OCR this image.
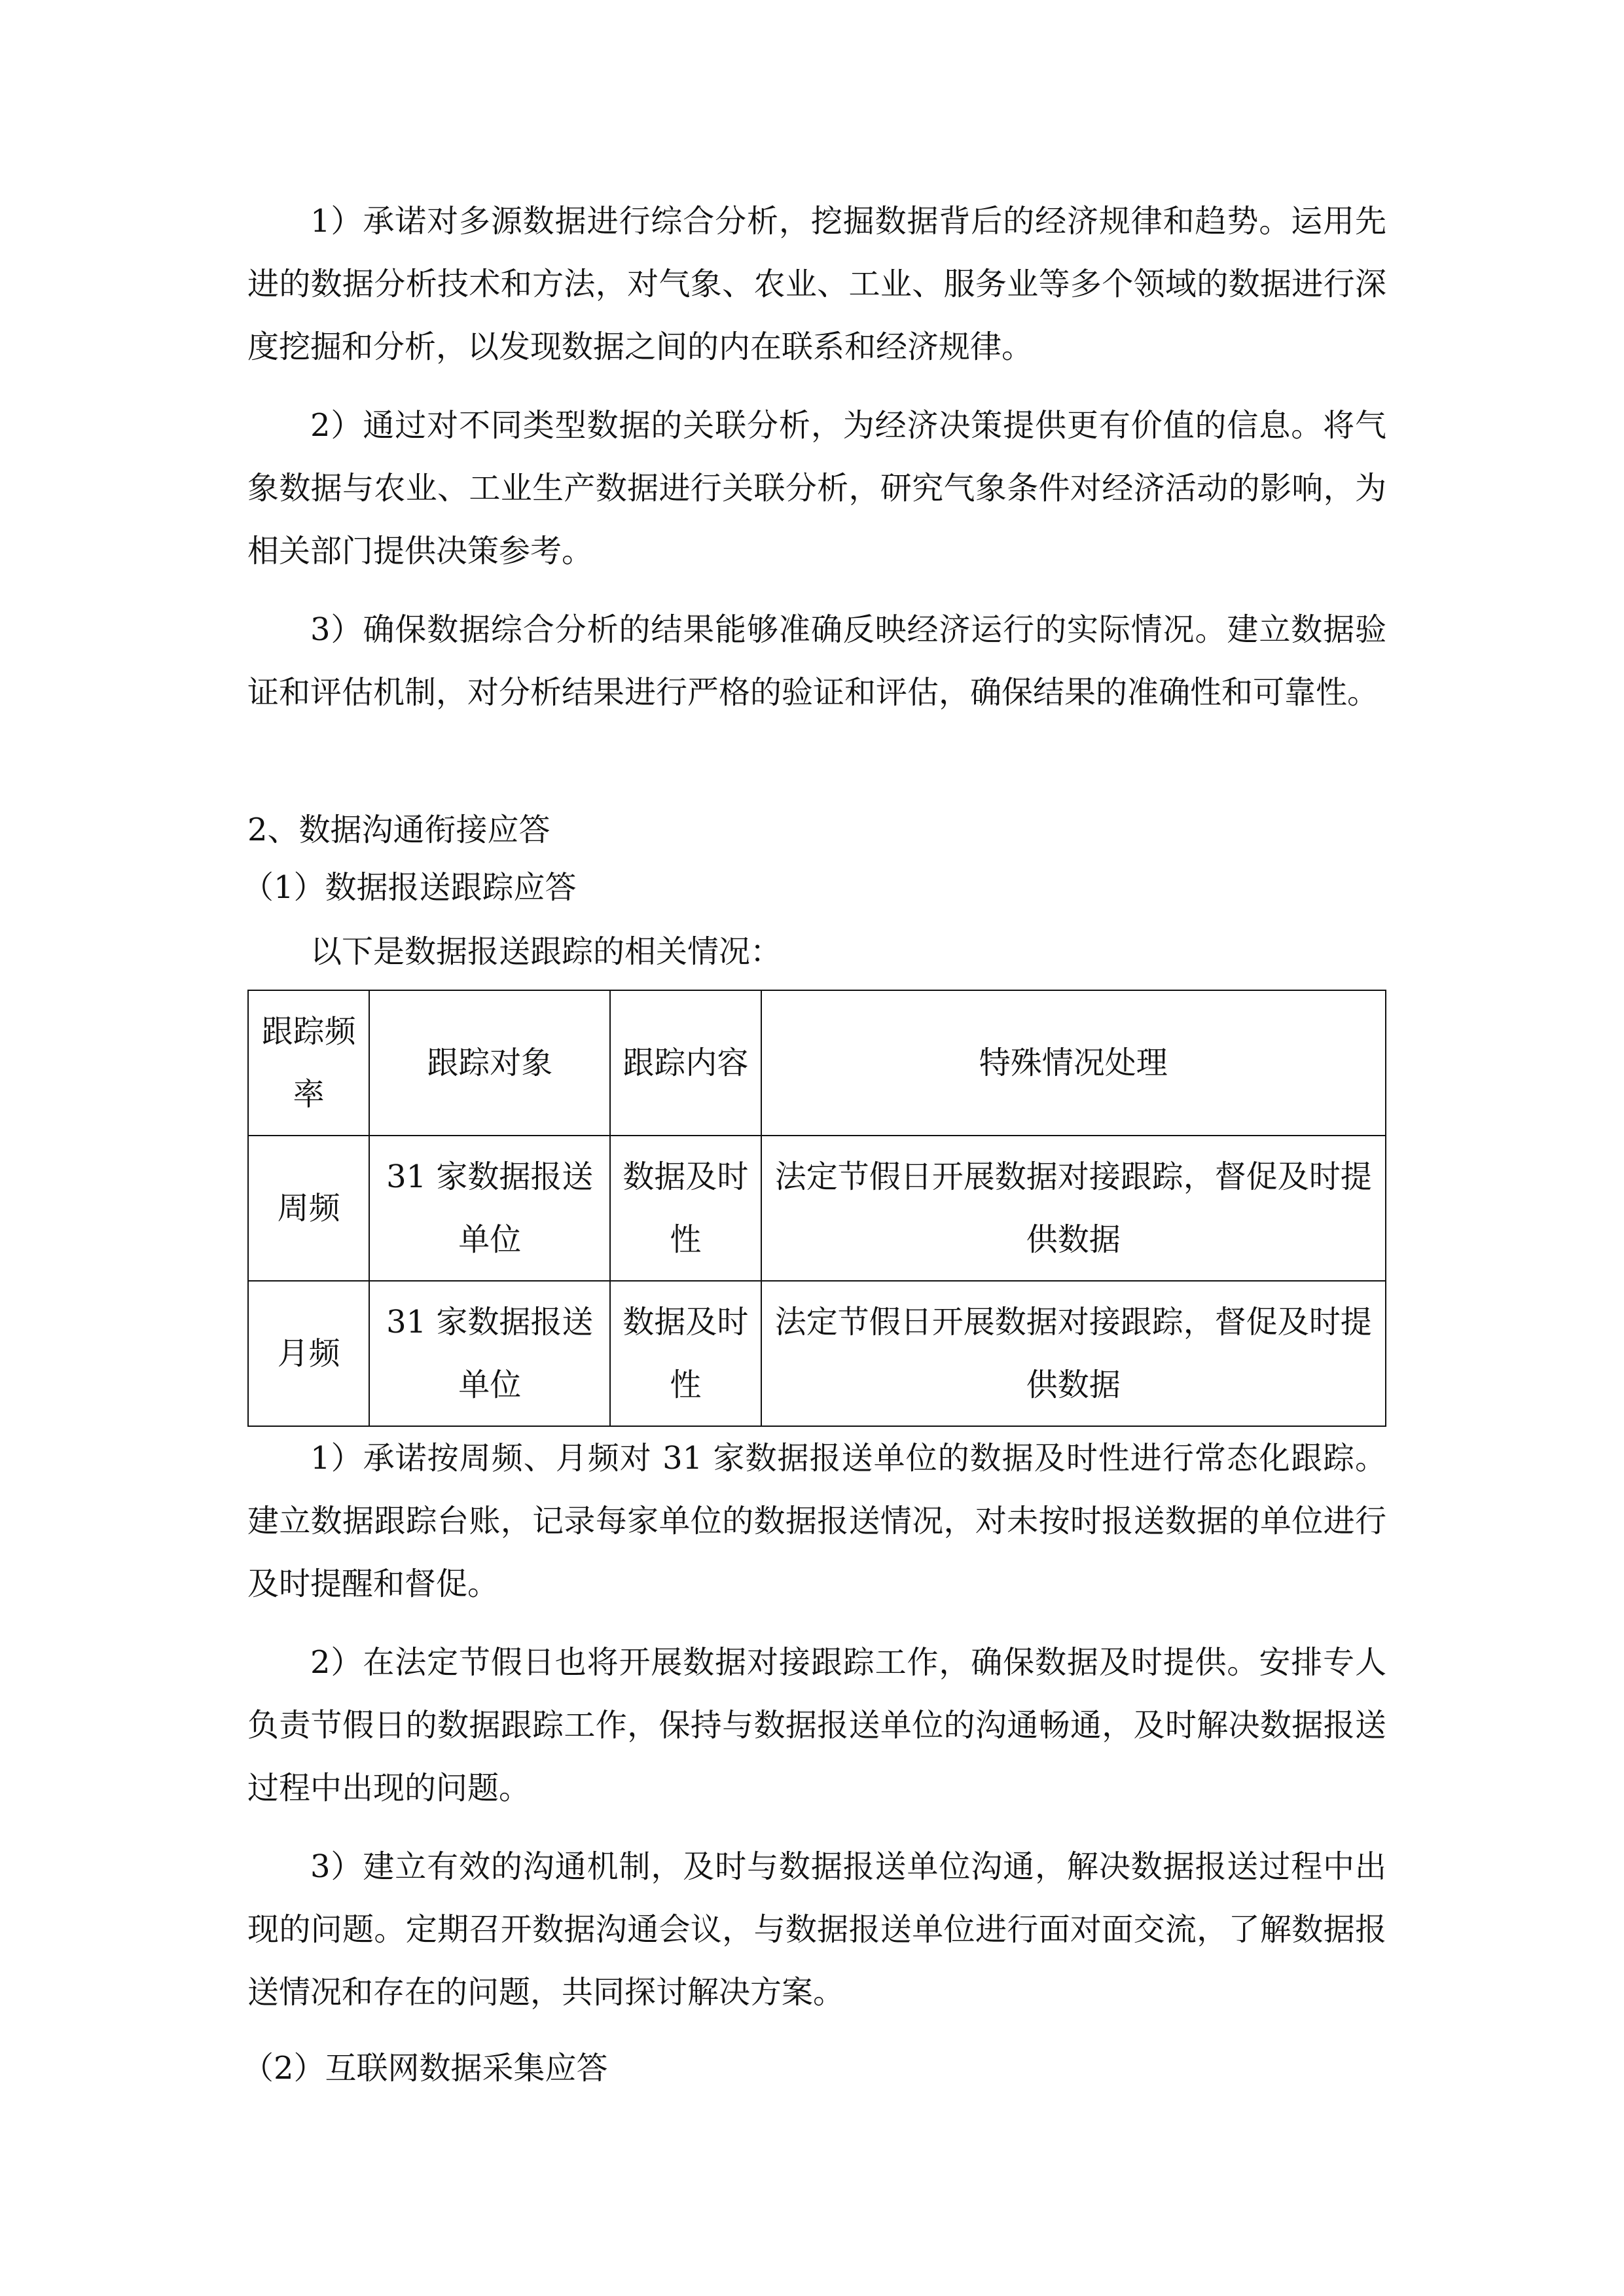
1）承诺对多源数据进行综合分析，挖掘数据背后的经济规律和趋势。运用先进的数据分析技术和方法，对气象、农业、工业、服务业等多个领域的数据进行深度挖掘和分析，以发现数据之间的内在联系和经济规律。

2）通过对不同类型数据的关联分析，为经济决策提供更有价值的信息。将气象数据与农业、工业生产数据进行关联分析，研究气象条件对经济活动的影响，为相关部门提供决策参考。

3）确保数据综合分析的结果能够准确反映经济运行的实际情况。建立数据验证和评估机制，对分析结果进行严格的验证和评估，确保结果的准确性和可靠性。

2、数据沟通衔接应答

（1）数据报送跟踪应答

以下是数据报送跟踪的相关情况：

跟踪频率	跟踪对象	跟踪内容	特殊情况处理
周频	31 家数据报送单位	数据及时性	法定节假日开展数据对接跟踪，督促及时提供数据
月频	31 家数据报送单位	数据及时性	法定节假日开展数据对接跟踪，督促及时提供数据

1）承诺按周频、月频对 31 家数据报送单位的数据及时性进行常态化跟踪。建立数据跟踪台账，记录每家单位的数据报送情况，对未按时报送数据的单位进行及时提醒和督促。

2）在法定节假日也将开展数据对接跟踪工作，确保数据及时提供。安排专人负责节假日的数据跟踪工作，保持与数据报送单位的沟通畅通，及时解决数据报送过程中出现的问题。

3）建立有效的沟通机制，及时与数据报送单位沟通，解决数据报送过程中出现的问题。定期召开数据沟通会议，与数据报送单位进行面对面交流，了解数据报送情况和存在的问题，共同探讨解决方案。

（2）互联网数据采集应答
